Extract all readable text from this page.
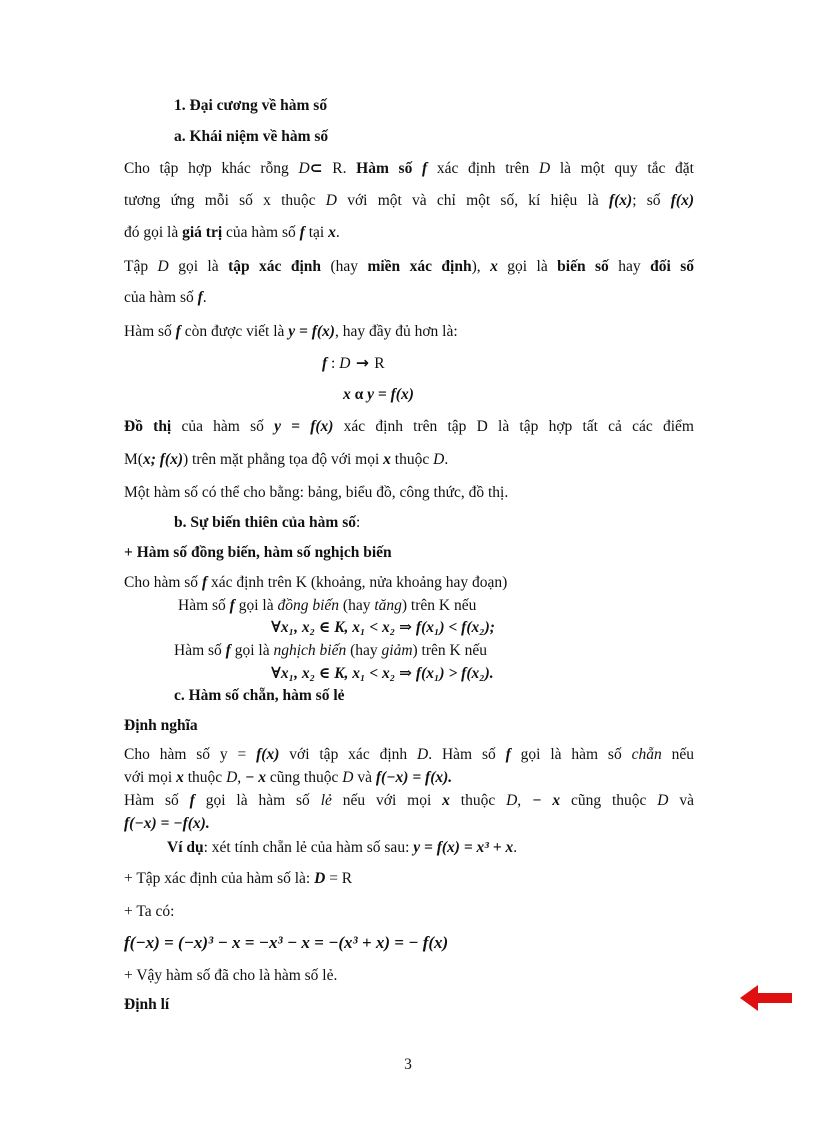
1. Đại cương về hàm số
a. Khái niệm về hàm số
Cho tập hợp khác rỗng D⊂ R. Hàm số f xác định trên D là một quy tắc đặt
tương ứng mỗi số x thuộc D với một và chỉ một số, kí hiệu là f(x); số f(x)
đó gọi là giá trị của hàm số f tại x.
Tập D gọi là tập xác định (hay miền xác định), x gọi là biến số hay đối số
của hàm số f.
Hàm số f còn được viết là y = f(x), hay đầy đủ hơn là:
f : D → R
x α y = f(x)
Đồ thị của hàm số y = f(x) xác định trên tập D là tập hợp tất cả các điểm
M(x; f(x)) trên mặt phẳng tọa độ với mọi x thuộc D.
Một hàm số có thể cho bằng: bảng, biểu đồ, công thức, đồ thị.
b. Sự biến thiên của hàm số:
+ Hàm số đồng biến, hàm số nghịch biến
Cho hàm số f xác định trên K (khoảng, nửa khoảng hay đoạn)
Hàm số f gọi là đồng biến (hay tăng) trên K nếu
∀x₁, x₂ ∈ K, x₁ < x₂ ⇒ f(x₁) < f(x₂);
Hàm số f gọi là nghịch biến (hay giảm) trên K nếu
∀x₁, x₂ ∈ K, x₁ < x₂ ⇒ f(x₁) > f(x₂).
c. Hàm số chẵn, hàm số lẻ
Định nghĩa
Cho hàm số y = f(x) với tập xác định D. Hàm số f gọi là hàm số chẵn nếu
với mọi x thuộc D, − x cũng thuộc D và f(−x) = f(x).
Hàm số f gọi là hàm số lẻ nếu với mọi x thuộc D, − x cũng thuộc D và
f(−x) = −f(x).
Ví dụ: xét tính chẵn lẻ của hàm số sau: y = f(x) = x³ + x.
+ Tập xác định của hàm số là: D = R
+ Ta có:
f(−x) = (−x)³ − x = −x³ − x = −(x³ + x) = − f(x)
+ Vậy hàm số đã cho là hàm số lẻ.
Định lí
3
